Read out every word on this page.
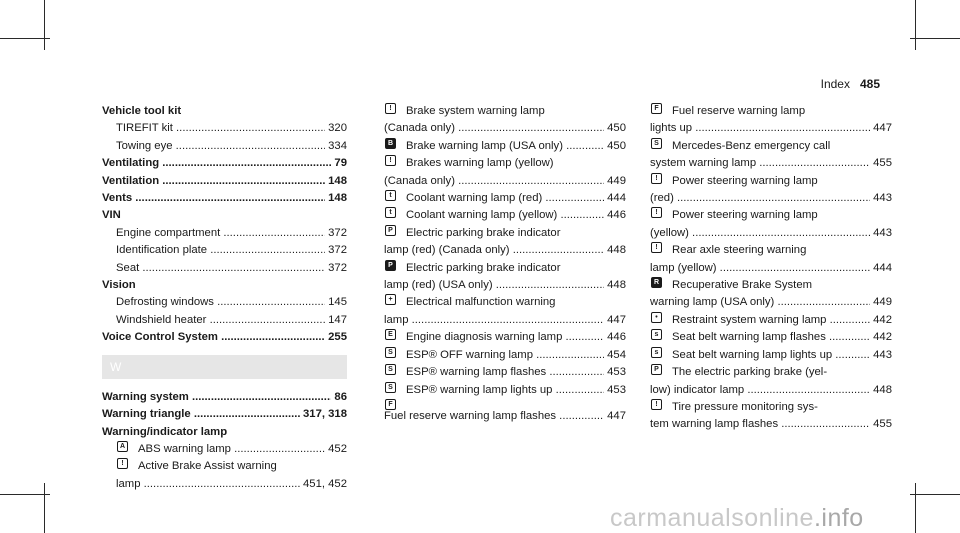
Index 485
Vehicle tool kit
TIREFIT kit .....	320
Towing eye .....	334
Ventilating .....	79
Ventilation .....	148
Vents .....	148
VIN
Engine compartment .....	372
Identification plate .....	372
Seat .....	372
Vision
Defrosting windows .....	145
Windshield heater .....	147
Voice Control System .....	255
W
Warning system .....	86
Warning triangle .....	317, 318
Warning/indicator lamp
A ABS warning lamp .....	452
!	Active Brake Assist warning
lamp .....	451, 452
!	Brake system warning lamp
(Canada only) .....	450
B Brake warning lamp (USA only) .....	450
!	Brakes warning lamp (yellow)
(Canada only) .....	449
t	Coolant warning lamp (red) .....	444
t	Coolant warning lamp (yellow) .....	446
P Electric parking brake indicator
lamp (red) (Canada only) .....	448
P Electric parking brake indicator
lamp (red) (USA only) .....	448
+	Electrical malfunction warning
lamp .....	447
E Engine diagnosis warning lamp .....	446
S ESP® OFF warning lamp .....	454
S ESP® warning lamp flashes .....	453
S ESP® warning lamp lights up .....	453
F
Fuel reserve warning lamp flashes .....	447
F Fuel reserve warning lamp
lights up .....	447
S Mercedes-Benz emergency call
system warning lamp .....	455
!	Power steering warning lamp
(red) .....	443
!	Power steering warning lamp
(yellow) .....	443
!	Rear axle steering warning
lamp (yellow) .....	444
R Recuperative Brake System
warning lamp (USA only) .....	449
•	Restraint system warning lamp .....	442
s	Seat belt warning lamp flashes .....	442
s	Seat belt warning lamp lights up .....	443
P The electric parking brake (yel-
low) indicator lamp .....	448
!	Tire pressure monitoring sys-
tem warning lamp flashes .....	455
carmanualsonline.info
